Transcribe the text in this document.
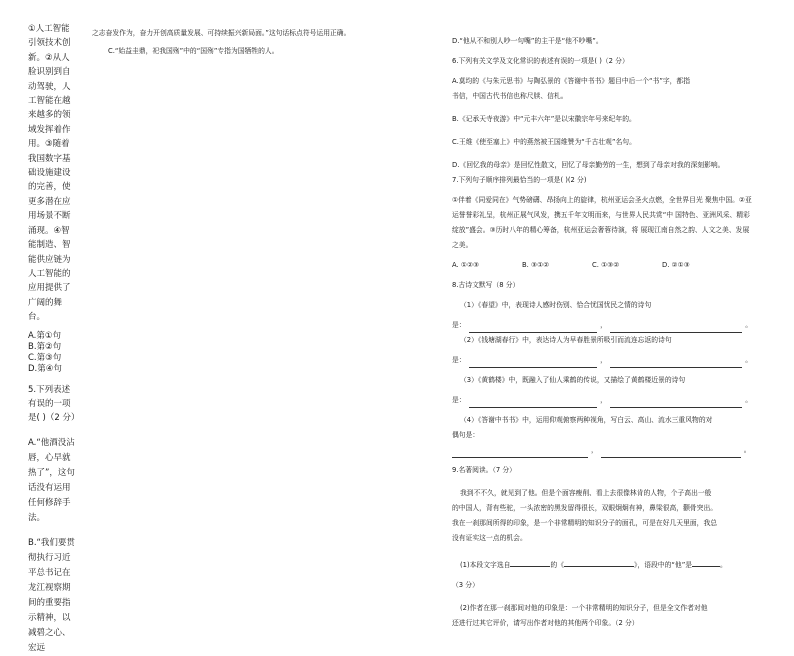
①人工智能引领技术创新。②从人脸识别到自动驾驶，人工智能在越来越多的领域发挥着作用。③随着我国数字基础设施建设的完善，使更多潜在应用场景不断涌现。④智能制造、智能供应链为人工智能的应用提供了广阔的舞台。
A.第①句
B.第②句
C.第③句
D.第④句
5.下列表述有误的一项是( )（2 分）
A.“他酒没沾唇，心早就热了”，这句话没有运用任何修辞手法。
B.“我们要贯彻执行习近平总书记在龙江视察期间的重要指示精神，以减碧之心、宏远
之志奋发作为，奋力开创高质量发展、可持续振兴新局面。”这句话标点符号运用正确。
C.“始益圭鼎，祀我国殇”中的“国殇”专指为国牺牲的人。

D.“他从不和别人吵一句嘴”的主干是“他不吵嘴”。

6.下列有关文学及文化常识的表述有误的一项是( )（2 分）

A.莫均的《与朱元思书》与陶弘景的《答谢中书书》题目中后一个“书”字，都指

书信，中国古代书信也称尺牍、信札。

B.《记承天寺夜游》中“元丰六年”是以宋徽宗年号来纪年的。

C.王维《使至塞上》中的燕然被王国维赞为“千古壮观”名句。

D.《回忆我的母亲》是回忆性散文，回忆了母亲勤劳的一生，想到了母亲对我的深刻影响。

7.下列句子顺序排列最恰当的一项是( )(2 分)

①伴着《同爱同在》气势磅礴、昂扬向上的旋律，杭州亚运会圣火点燃，全世界目光 聚焦中国。②亚运誉誉彩礼呈，杭州正展气风发，携五千年文明而来，与世界人民共赏“中 国特色、亚洲风采、精彩绽放”盛会。③历时八年的精心筹备，杭州亚运会奢蓉待演，将 展现江南自然之韵、人文之美、发展之美。

A. ①②③	B. ③①②	C. ①③②	D. ②①③

8.古诗文默写（8 分）

（1）《春望》中，表现诗人感时伤别、恰合忧国忧民之情的诗句

是：	，	。

（2）《钱塘湖春行》中，表达诗人为早春胜景所吸引而流连忘返的诗句

是：	，	。

（3）《黄鹤楼》中，既融入了仙人乘鹤的传说，又描绘了黄鹤楼近景的诗句

是：	，	。

（4）《答谢中书书》中，运用仰观俯察两种视角，写白云、高山、流水三重风物的对

偶句是：

，	。

9.名著阅读。（7 分）

我到不不久，就见到了他。但是个面容瘦削、看上去很像林肯的人物，个子高出一般

的中国人，背有些驼，一头浓密的黑发留得很长，双眼炯炯有神，鼻梁很高，颧骨突出。

我在一刹那间所得的印象，是一个非常精明的知识分子的面孔，可是在好几天里面，我总

没有证实这一点的机会。

(1)本段文字选自	的《	》，语段中的“他”是	。

（3 分）

(2)作者在那一刹那间对他的印象是：一个非常精明的知识分子，但是全文作者对他

还进行过其它评价，请写出作者对他的其他两个印象。（2 分）
